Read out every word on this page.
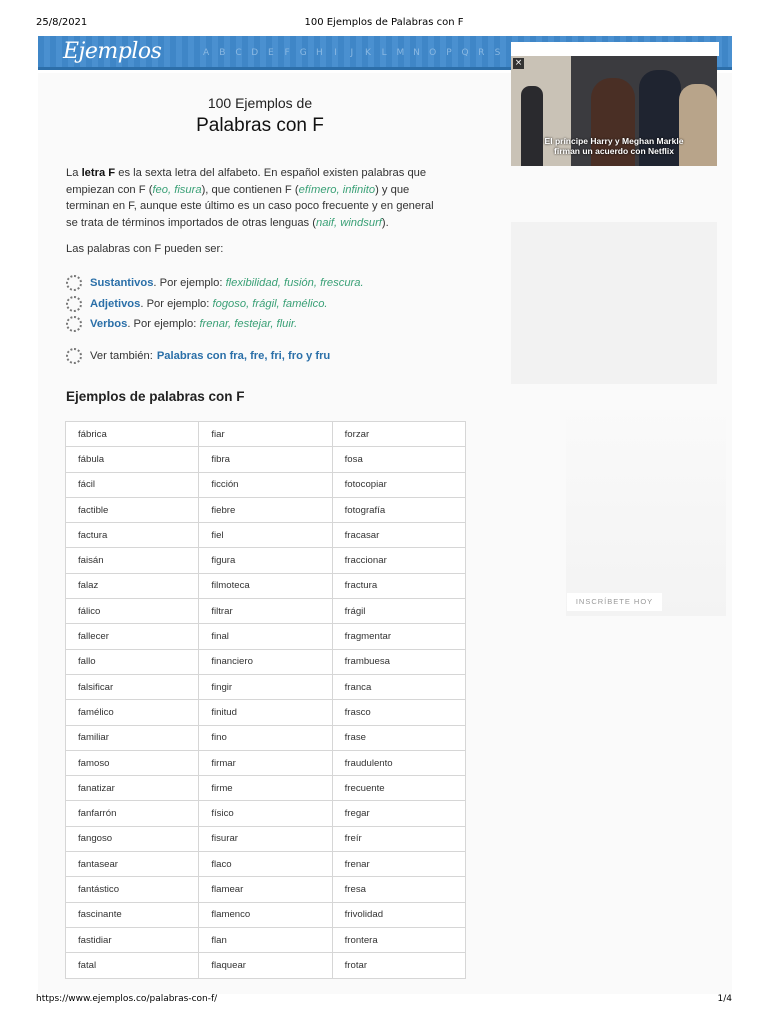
25/8/2021	100 Ejemplos de Palabras con F
Ejemplos	A	B	C	D	E	F	G	H	I	J	K	L	M N	O	P	Q	R	S
100 Ejemplos de
Palabras con F

La letra F es la sexta letra del alfabeto. En español existen palabras que empiezan con F (feo, fisura), que contienen F (efímero, infinito) y que terminan en F, aunque este último es un caso poco frecuente y en general se trata de términos importados de otras lenguas (naif, windsurf).

Las palabras con F pueden ser:
Sustantivos . Por ejemplo:
flexibilidad, fusión, frescura.
Adjetivos . Por ejemplo:
fogoso, frágil, famélico.
Verbos . Por ejemplo:
frenar, festejar, fluir.
Ver también: Palabras con fra, fre, fri, fro y fru
Ejemplos de palabras con F
fábrica	fiar	forzar
fábula	fibra	fosa
fácil	ficción	fotocopiar
factible	fiebre	fotografía
factura	fiel	fracasar
faisán	figura	fraccionar
falaz	filmoteca	fractura
fálico	filtrar	frágil
fallecer	final	fragmentar
fallo	financiero	frambuesa
falsificar	fingir	franca
famélico	finitud	frasco
familiar	fino	frase
famoso	firmar	fraudulento
fanatizar	firme	frecuente
fanfarrón	físico	fregar
fangoso	fisurar	freír
fantasear	flaco	frenar
fantástico	flamear	fresa
fascinante	flamenco	frivolidad
fastidiar	flan	frontera
fatal	flaquear	frotar
×
El príncipe Harry y Meghan Markle
firman un acuerdo con Netflix
INSCRÍBETE HOY
https://www.ejemplos.co/palabras-con-f/	1/4
